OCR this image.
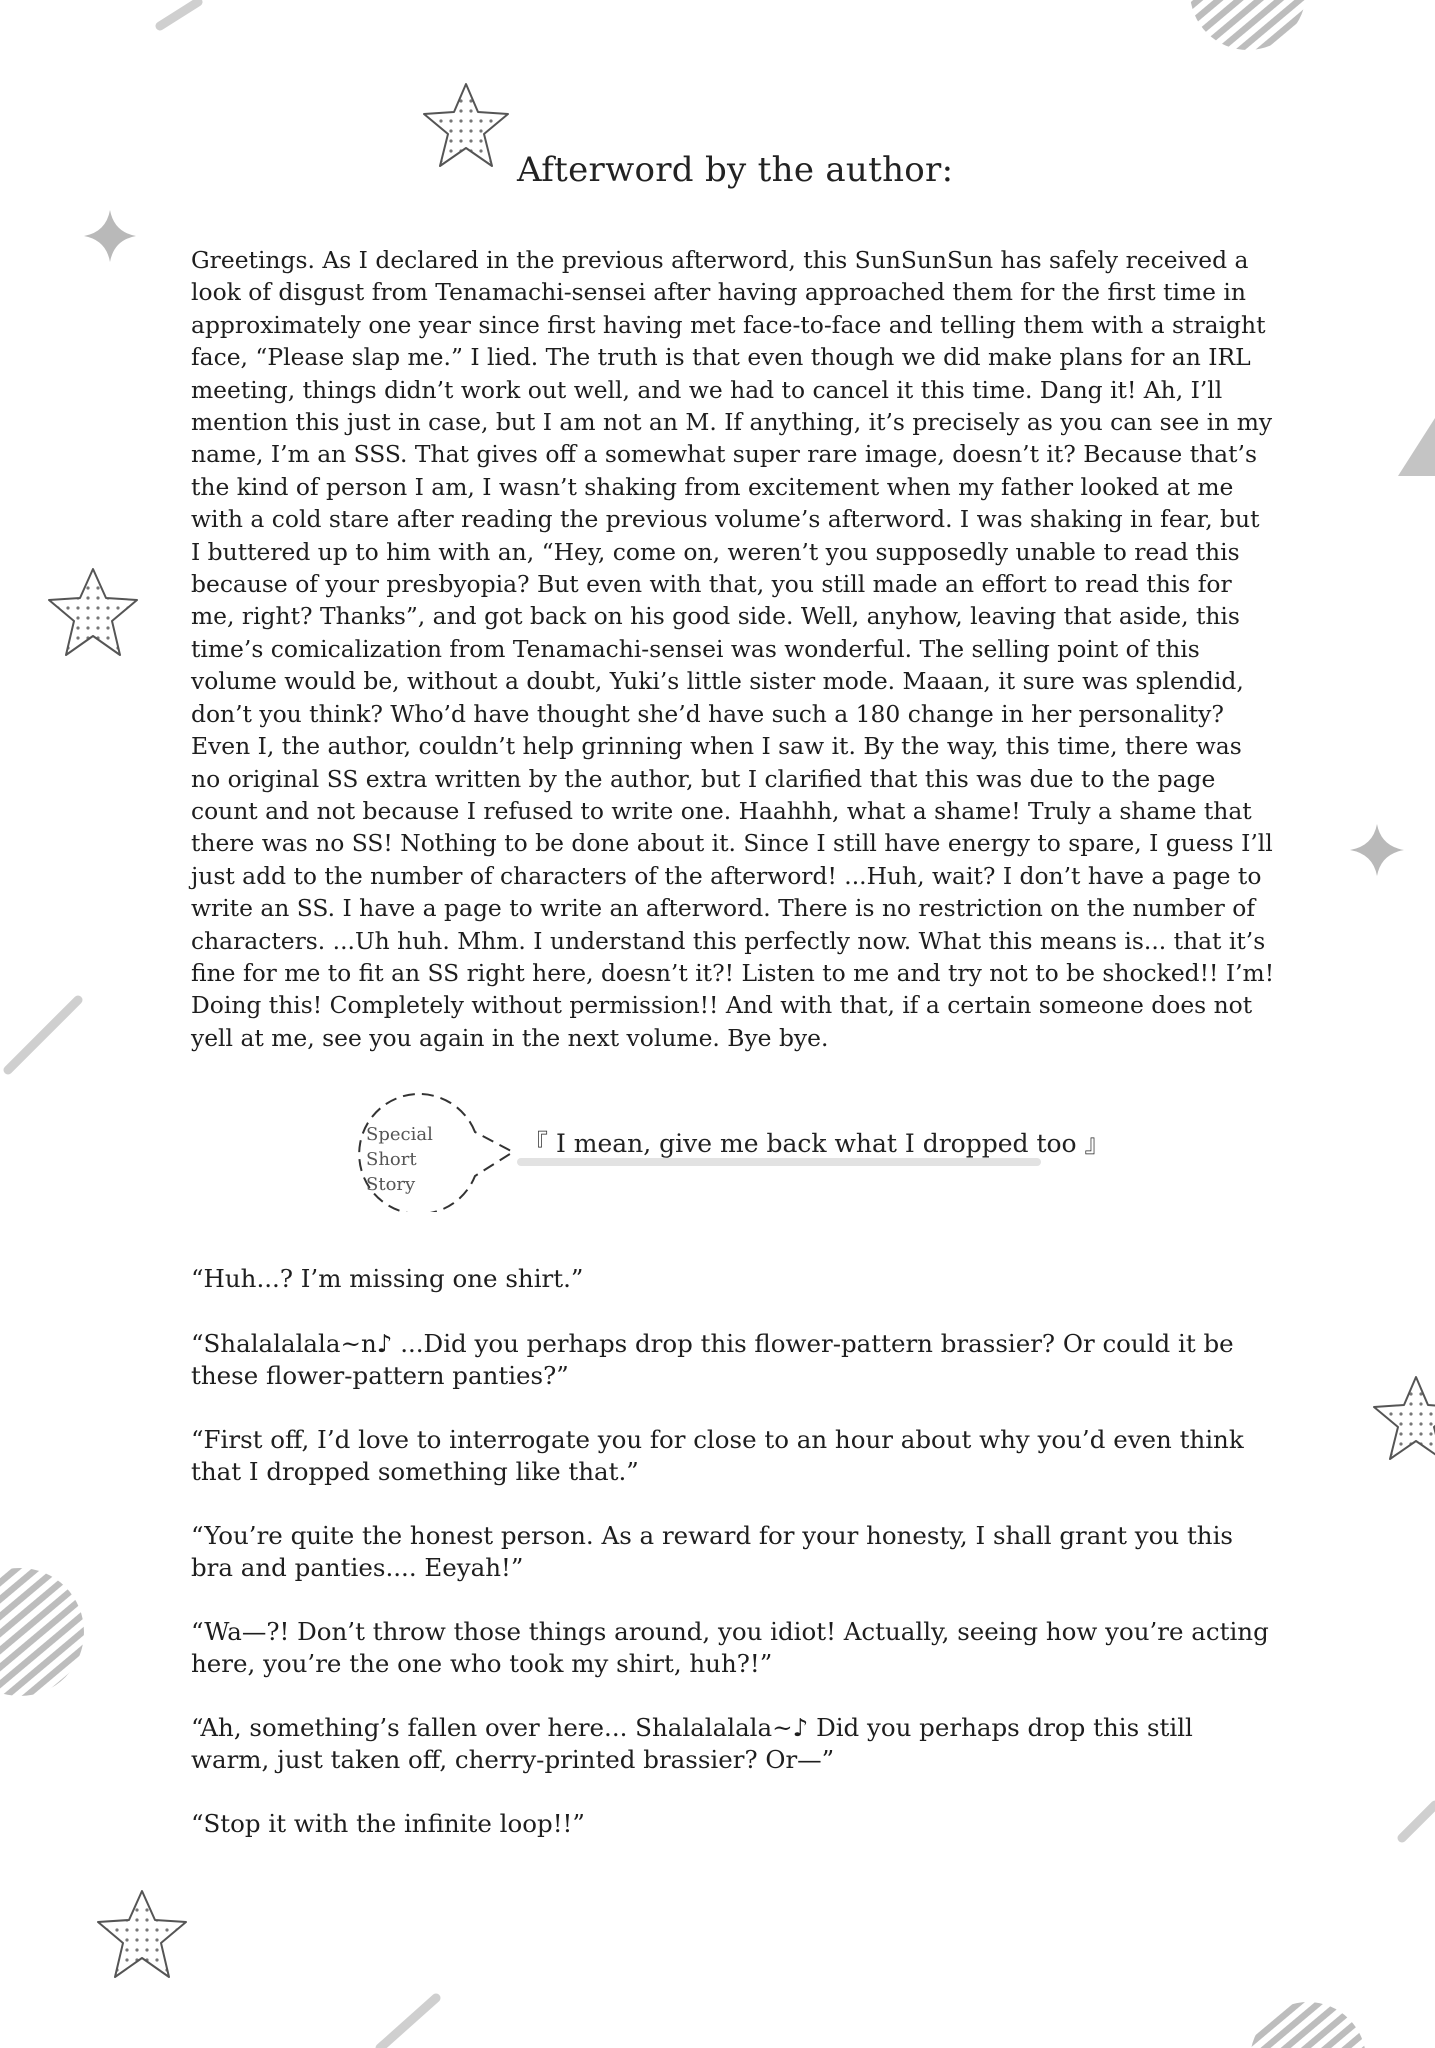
Afterword by the author:

Greetings. As I declared in the previous afterword, this SunSunSun has safely received a look of disgust from Tenamachi-sensei after having approached them for the first time in approximately one year since first having met face-to-face and telling them with a straight face, “Please slap me.” I lied. The truth is that even though we did make plans for an IRL meeting, things didn’t work out well, and we had to cancel it this time. Dang it! Ah, I’ll mention this just in case, but I am not an M. If anything, it’s precisely as you can see in my name, I’m an SSS. That gives off a somewhat super rare image, doesn’t it? Because that’s the kind of person I am, I wasn’t shaking from excitement when my father looked at me with a cold stare after reading the previous volume’s afterword. I was shaking in fear, but I buttered up to him with an, “Hey, come on, weren’t you supposedly unable to read this because of your presbyopia? But even with that, you still made an effort to read this for me, right? Thanks”, and got back on his good side. Well, anyhow, leaving that aside, this time’s comicalization from Tenamachi-sensei was wonderful. The selling point of this volume would be, without a doubt, Yuki’s little sister mode. Maaan, it sure was splendid, don’t you think? Who’d have thought she’d have such a 180 change in her personality? Even I, the author, couldn’t help grinning when I saw it. By the way, this time, there was no original SS extra written by the author, but I clarified that this was due to the page count and not because I refused to write one. Haahhh, what a shame! Truly a shame that there was no SS! Nothing to be done about it. Since I still have energy to spare, I guess I’ll just add to the number of characters of the afterword! ...Huh, wait? I don’t have a page to write an SS. I have a page to write an afterword. There is no restriction on the number of characters. ...Uh huh. Mhm. I understand this perfectly now. What this means is... that it’s fine for me to fit an SS right here, doesn’t it?! Listen to me and try not to be shocked!! I’m! Doing this! Completely without permission!! And with that, if a certain someone does not yell at me, see you again in the next volume. Bye bye.

Special Short
Story
『 I mean, give me back what I dropped too 』

“Huh...? I’m missing one shirt.”

“Shalalalala~n♪ ...Did you perhaps drop this flower-pattern brassier? Or could it be these flower-pattern panties?”

“First off, I’d love to interrogate you for close to an hour about why you’d even think that I dropped something like that.”

“You’re quite the honest person. As a reward for your honesty, I shall grant you this bra and panties.... Eeyah!”

“Wa—?! Don’t throw those things around, you idiot! Actually, seeing how you’re acting here, you’re the one who took my shirt, huh?!”

“Ah, something’s fallen over here... Shalalalala~♪ Did you perhaps drop this still warm, just taken off, cherry-printed brassier? Or—”

“Stop it with the infinite loop!!”
